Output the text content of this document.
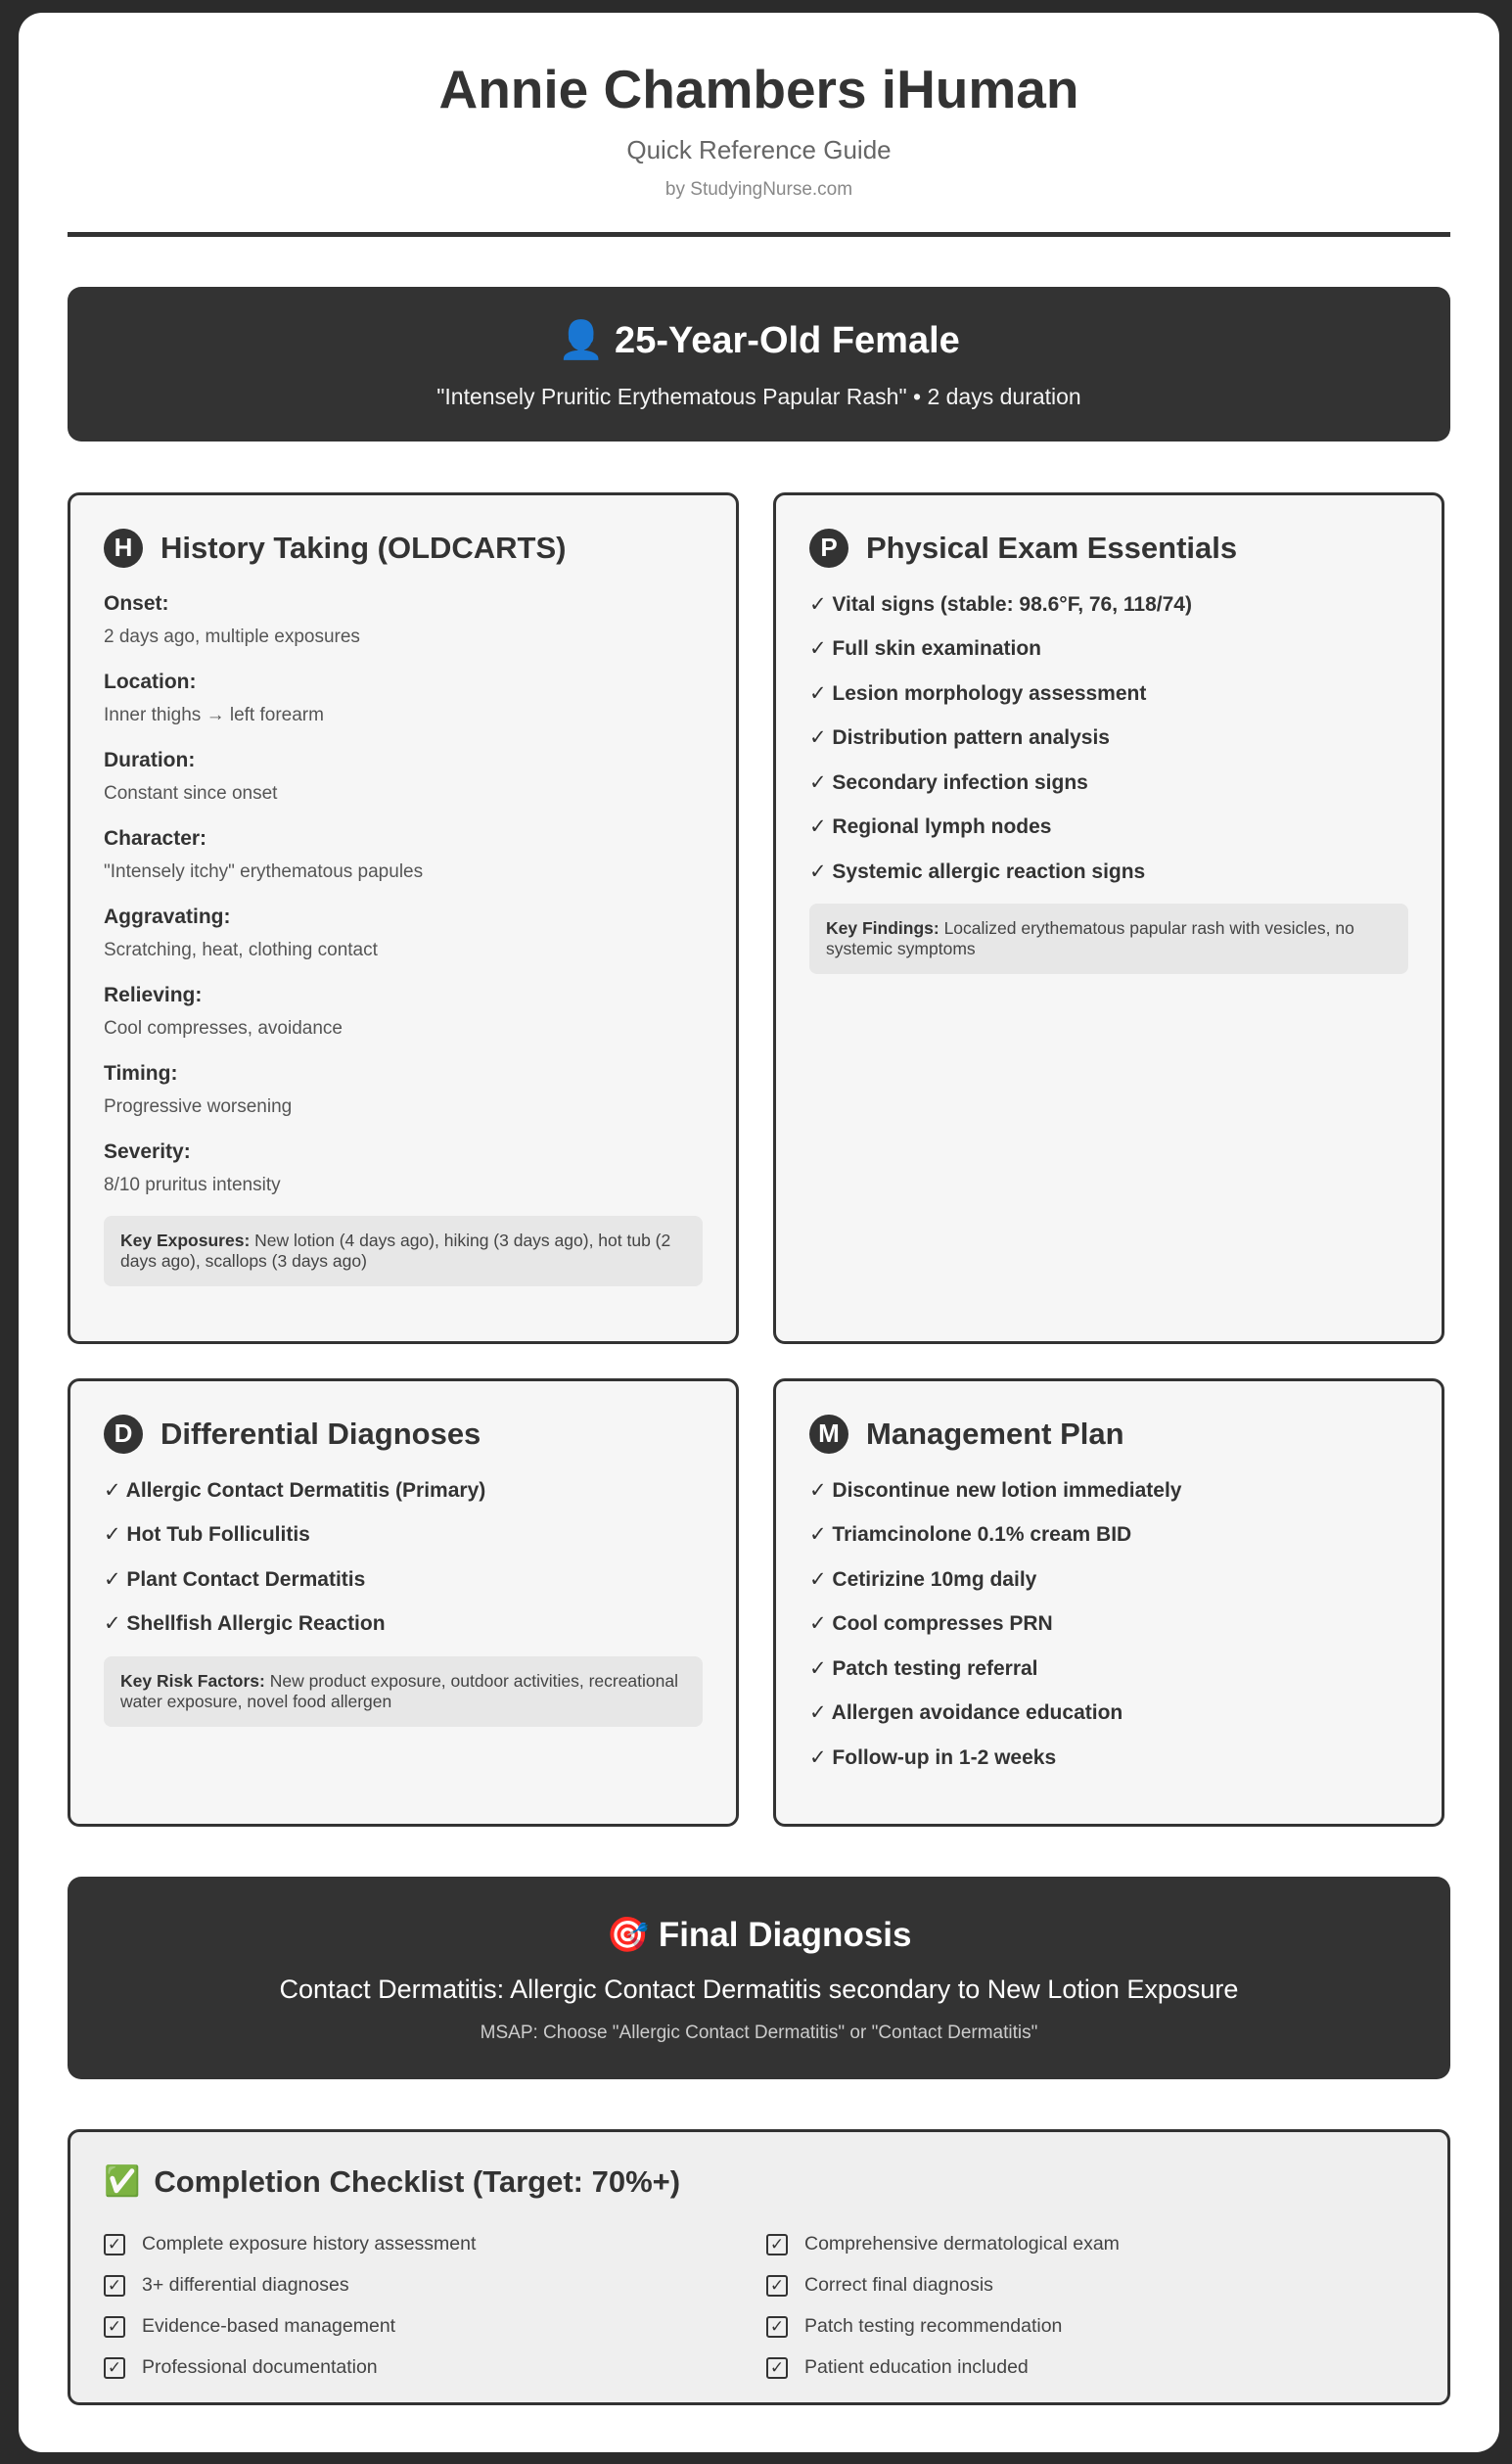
Annie Chambers iHuman
Quick Reference Guide
by StudyingNurse.com
👤 25-Year-Old Female
"Intensely Pruritic Erythematous Papular Rash" • 2 days duration
H History Taking (OLDCARTS)
Onset:
2 days ago, multiple exposures
Location:
Inner thighs → left forearm
Duration:
Constant since onset
Character:
"Intensely itchy" erythematous papules
Aggravating:
Scratching, heat, clothing contact
Relieving:
Cool compresses, avoidance
Timing:
Progressive worsening
Severity:
8/10 pruritus intensity
Key Exposures: New lotion (4 days ago), hiking (3 days ago), hot tub (2 days ago), scallops (3 days ago)
P Physical Exam Essentials
✓ Vital signs (stable: 98.6°F, 76, 118/74)
✓ Full skin examination
✓ Lesion morphology assessment
✓ Distribution pattern analysis
✓ Secondary infection signs
✓ Regional lymph nodes
✓ Systemic allergic reaction signs
Key Findings: Localized erythematous papular rash with vesicles, no systemic symptoms
D Differential Diagnoses
✓ Allergic Contact Dermatitis (Primary)
✓ Hot Tub Folliculitis
✓ Plant Contact Dermatitis
✓ Shellfish Allergic Reaction
Key Risk Factors: New product exposure, outdoor activities, recreational water exposure, novel food allergen
M Management Plan
✓ Discontinue new lotion immediately
✓ Triamcinolone 0.1% cream BID
✓ Cetirizine 10mg daily
✓ Cool compresses PRN
✓ Patch testing referral
✓ Allergen avoidance education
✓ Follow-up in 1-2 weeks
🎯 Final Diagnosis
Contact Dermatitis: Allergic Contact Dermatitis secondary to New Lotion Exposure
MSAP: Choose "Allergic Contact Dermatitis" or "Contact Dermatitis"
✅ Completion Checklist (Target: 70%+)
✓ Complete exposure history assessment
✓ 3+ differential diagnoses
✓ Evidence-based management
✓ Professional documentation
✓ Comprehensive dermatological exam
✓ Correct final diagnosis
✓ Patch testing recommendation
✓ Patient education included
